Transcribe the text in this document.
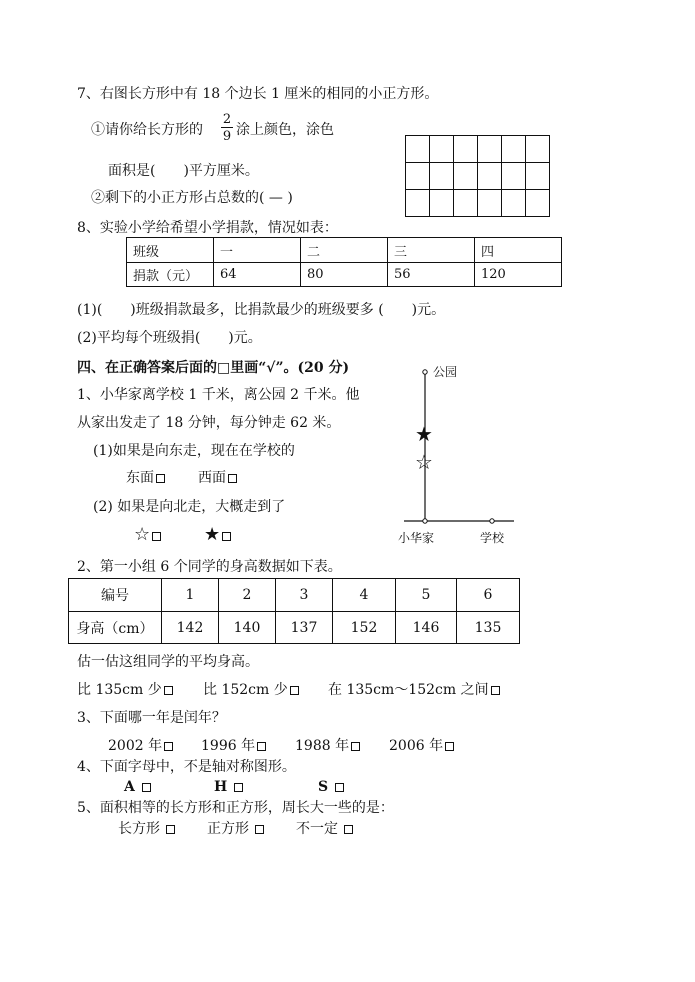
7、右图长方形中有 18 个边长 1 厘米的相同的小正方形。
①请你给长方形的 $\frac{2}{9}$ 涂上颜色，涂色
面积是(　　)平方厘米。
②剩下的小正方形占总数的( — )

8、实验小学给希望小学捐款，情况如表：
班级	一	二	三	四
捐款（元）	64	80	56	120
(1)(　　)班级捐款最多，比捐款最少的班级要多 (　　)元。
(2)平均每个班级捐(　　)元。
四、在正确答案后面的□里画“√”。(20 分)
1、小华家离学校 1 千米，离公园 2 千米。他
从家出发走了 18 分钟，每分钟走 62 米。
(1)如果是向东走，现在在学校的
东面	西面
(2) 如果是向北走，大概走到了
☆	★
★
☆
公园
小华家	学校
2、第一小组 6 个同学的身高数据如下表。
编号	1	2	3	4	5	6
身高（cm）	142	140	137	152	146	135
估一估这组同学的平均身高。
比 135cm 少	比 152cm 少	在 135cm～152cm 之间
3、下面哪一年是闰年？
2002 年	1996 年	1988 年	2006 年
4、下面字母中，不是轴对称图形。
A	H	S
5、面积相等的长方形和正方形，周长大一些的是：
长方形	正方形	不一定
